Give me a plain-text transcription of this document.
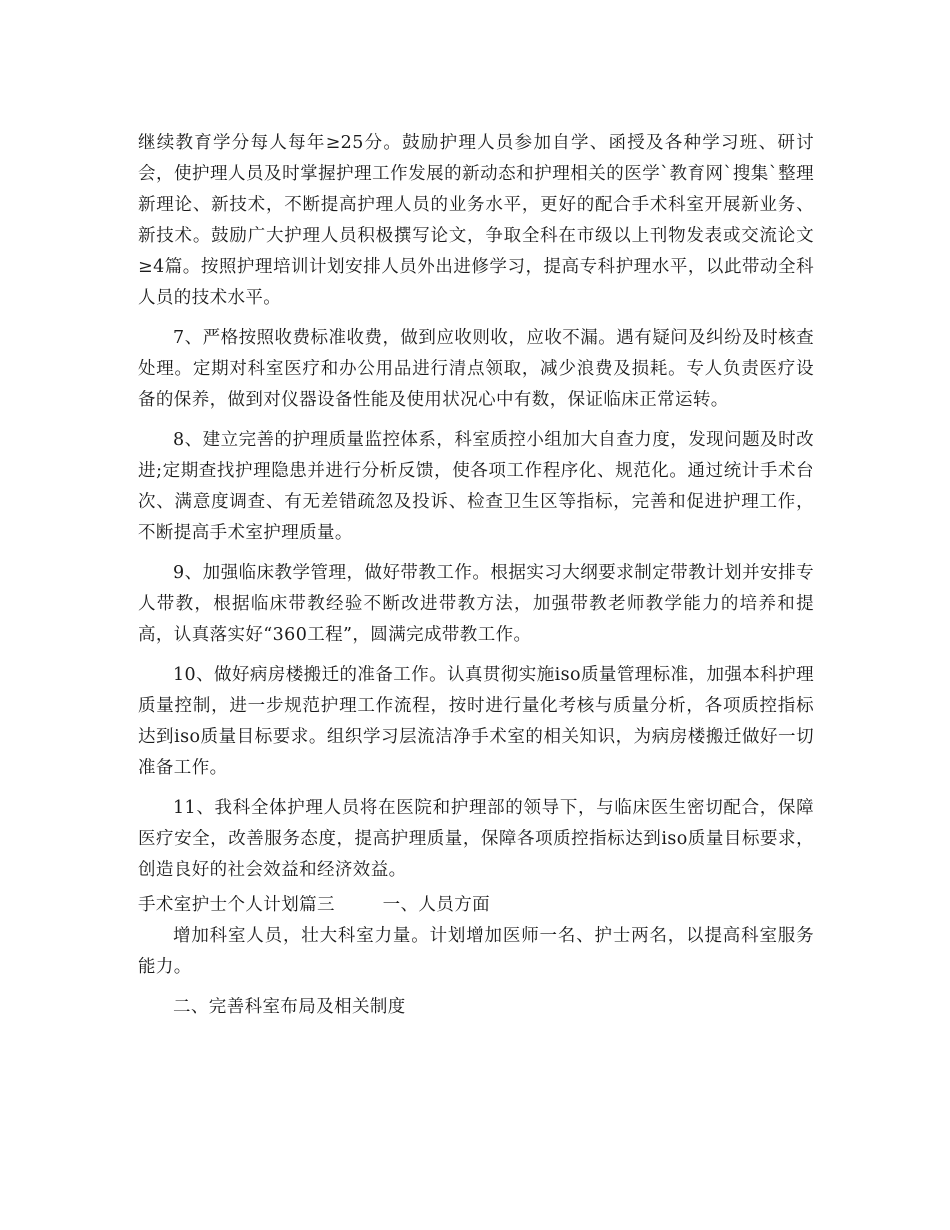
继续教育学分每人每年≥25分。鼓励护理人员参加自学、函授及各种学习班、研讨会，使护理人员及时掌握护理工作发展的新动态和护理相关的医学`教育网`搜集`整理新理论、新技术，不断提高护理人员的业务水平，更好的配合手术科室开展新业务、新技术。鼓励广大护理人员积极撰写论文，争取全科在市级以上刊物发表或交流论文≥4篇。按照护理培训计划安排人员外出进修学习，提高专科护理水平，以此带动全科人员的技术水平。

7、严格按照收费标准收费，做到应收则收，应收不漏。遇有疑问及纠纷及时核查处理。定期对科室医疗和办公用品进行清点领取，减少浪费及损耗。专人负责医疗设备的保养，做到对仪器设备性能及使用状况心中有数，保证临床正常运转。

8、建立完善的护理质量监控体系，科室质控小组加大自查力度，发现问题及时改进;定期查找护理隐患并进行分析反馈，使各项工作程序化、规范化。通过统计手术台次、满意度调查、有无差错疏忽及投诉、检查卫生区等指标，完善和促进护理工作，不断提高手术室护理质量。

9、加强临床教学管理，做好带教工作。根据实习大纲要求制定带教计划并安排专人带教，根据临床带教经验不断改进带教方法，加强带教老师教学能力的培养和提高，认真落实好“360工程”，圆满完成带教工作。

10、做好病房楼搬迁的准备工作。认真贯彻实施iso质量管理标准，加强本科护理质量控制，进一步规范护理工作流程，按时进行量化考核与质量分析，各项质控指标达到iso质量目标要求。组织学习层流洁净手术室的相关知识，为病房楼搬迁做好一切准备工作。

11、我科全体护理人员将在医院和护理部的领导下，与临床医生密切配合，保障医疗安全，改善服务态度，提高护理质量，保障各项质控指标达到iso质量目标要求，创造良好的社会效益和经济效益。

手术室护士个人计划篇三	一、人员方面

增加科室人员，壮大科室力量。计划增加医师一名、护士两名，以提高科室服务能力。

二、完善科室布局及相关制度
